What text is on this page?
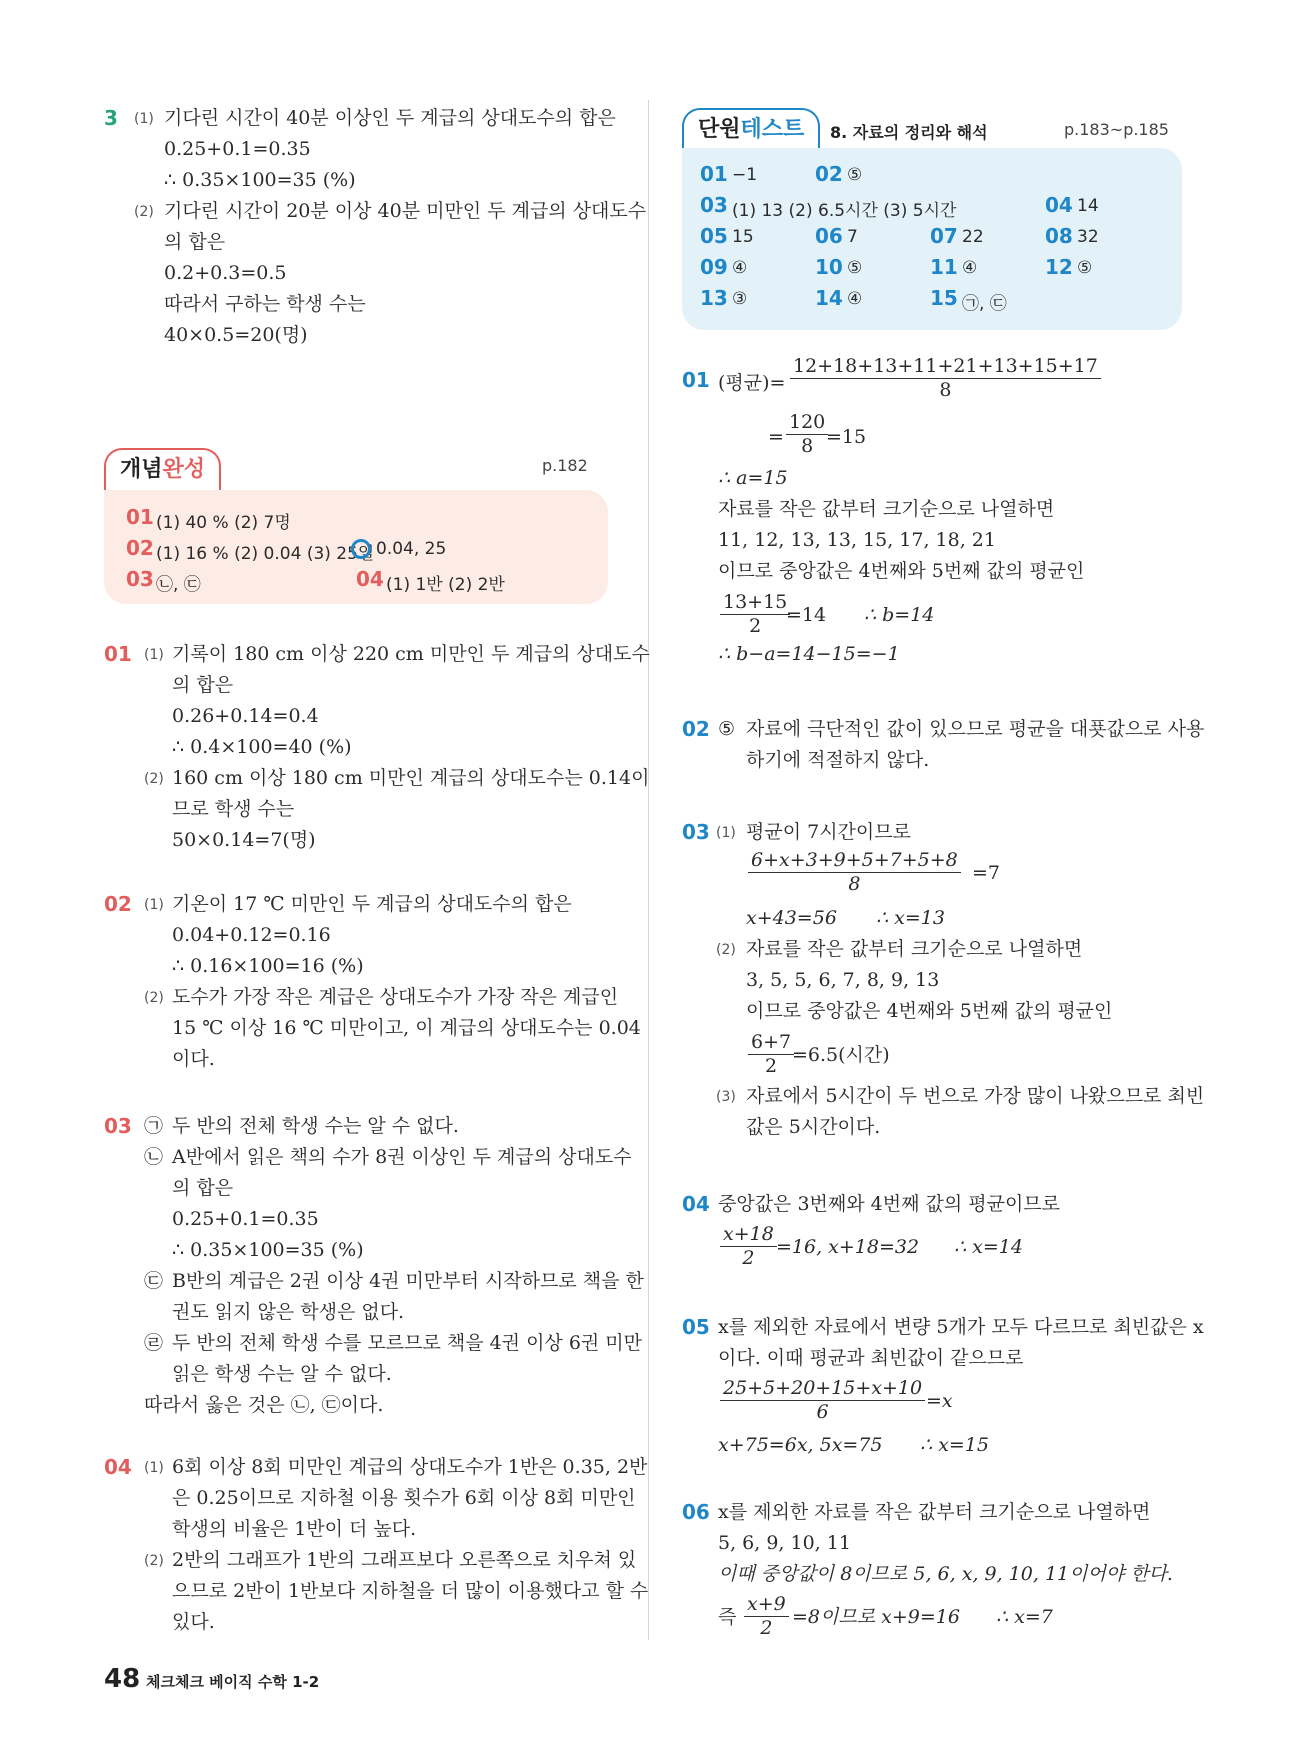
3 (1) 기다린 시간이 40분 이상인 두 계급의 상대도수의 합은
0.25+0.1=0.35
∴ 0.35×100=35 (%)
(2) 기다린 시간이 20분 이상 40분 미만인 두 계급의 상대도수
의 합은
0.2+0.3=0.5
따라서 구하는 학생 수는
40×0.5=20(명)
개념완성	p.182
01 (1) 40 % (2) 7명
02 (1) 16 % (2) 0.04 (3) 25일 0.04, 25
03 ㉡, ㉢	04 (1) 1반 (2) 2반
01 (1) 기록이 180 cm 이상 220 cm 미만인 두 계급의 상대도수
의 합은
0.26+0.14=0.4
∴ 0.4×100=40 (%)
(2) 160 cm 이상 180 cm 미만인 계급의 상대도수는 0.14이
므로 학생 수는
50×0.14=7(명)
02 (1) 기온이 17 ℃ 미만인 두 계급의 상대도수의 합은
0.04+0.12=0.16
∴ 0.16×100=16 (%)
(2) 도수가 가장 작은 계급은 상대도수가 가장 작은 계급인
15 ℃ 이상 16 ℃ 미만이고, 이 계급의 상대도수는 0.04
이다.
03 ㉠ 두 반의 전체 학생 수는 알 수 없다.
㉡ A반에서 읽은 책의 수가 8권 이상인 두 계급의 상대도수
의 합은
0.25+0.1=0.35
∴ 0.35×100=35 (%)
㉢ B반의 계급은 2권 이상 4권 미만부터 시작하므로 책을 한
권도 읽지 않은 학생은 없다.
㉣ 두 반의 전체 학생 수를 모르므로 책을 4권 이상 6권 미만
읽은 학생 수는 알 수 없다.
따라서 옳은 것은 ㉡, ㉢이다.
04 (1) 6회 이상 8회 미만인 계급의 상대도수가 1반은 0.35, 2반
은 0.25이므로 지하철 이용 횟수가 6회 이상 8회 미만인
학생의 비율은 1반이 더 높다.
(2) 2반의 그래프가 1반의 그래프보다 오른쪽으로 치우쳐 있
으므로 2반이 1반보다 지하철을 더 많이 이용했다고 할 수
있다.
48 체크체크 베이직 수학 1-2
단원테스트	8. 자료의 정리와 해석	p.183~p.185
01 −1	02 ⑤
03 (1) 13 (2) 6.5시간 (3) 5시간	04 14
05 15	06 7	07 22	08 32
09 ④	10 ⑤	11 ④	12 ⑤
13 ③	14 ④	15 ㉠, ㉢
01 (평균)= $\frac{12+18+13+11+21+13+15+17}{8}$
= $\frac{120}{8}$
=15
∴ a=15
자료를 작은 값부터 크기순으로 나열하면
11, 12, 13, 13, 15, 17, 18, 21
이므로 중앙값은 4번째와 5번째 값의 평균인
$\frac{13+15}{2}$
=14 ∴ b=14
∴ b−a=14−15=−1
02 ⑤ 자료에 극단적인 값이 있으므로 평균을 대푯값으로 사용
하기에 적절하지 않다.
03 (1) 평균이 7시간이므로
$\frac{6+x+3+9+5+7+5+8}{8} =7$
x+43=56 ∴ x=13
(2) 자료를 작은 값부터 크기순으로 나열하면
3, 5, 5, 6, 7, 8, 9, 13
이므로 중앙값은 4번째와 5번째 값의 평균인
$\frac{6+7}{2}$
=6.5(시간)
(3) 자료에서 5시간이 두 번으로 가장 많이 나왔으므로 최빈
값은 5시간이다.
04 중앙값은 3번째와 4번째 값의 평균이므로
$\frac{x+18}{2} =16$, x+18=32 ∴ x=14
05 x를 제외한 자료에서 변량 5개가 모두 다르므로 최빈값은 x
이다. 이때 평균과 최빈값이 같으므로
$\frac{25+5+20+15+x+10}{6} =x$
x+75=6x, 5x=75 ∴ x=15
06 x를 제외한 자료를 작은 값부터 크기순으로 나열하면
5, 6, 9, 10, 11
이때 중앙값이 8이므로 5, 6, x, 9, 10, 11이어야 한다.
즉 $\frac{x+9}{2} =8$이므로 x+9=16 ∴ x=7
